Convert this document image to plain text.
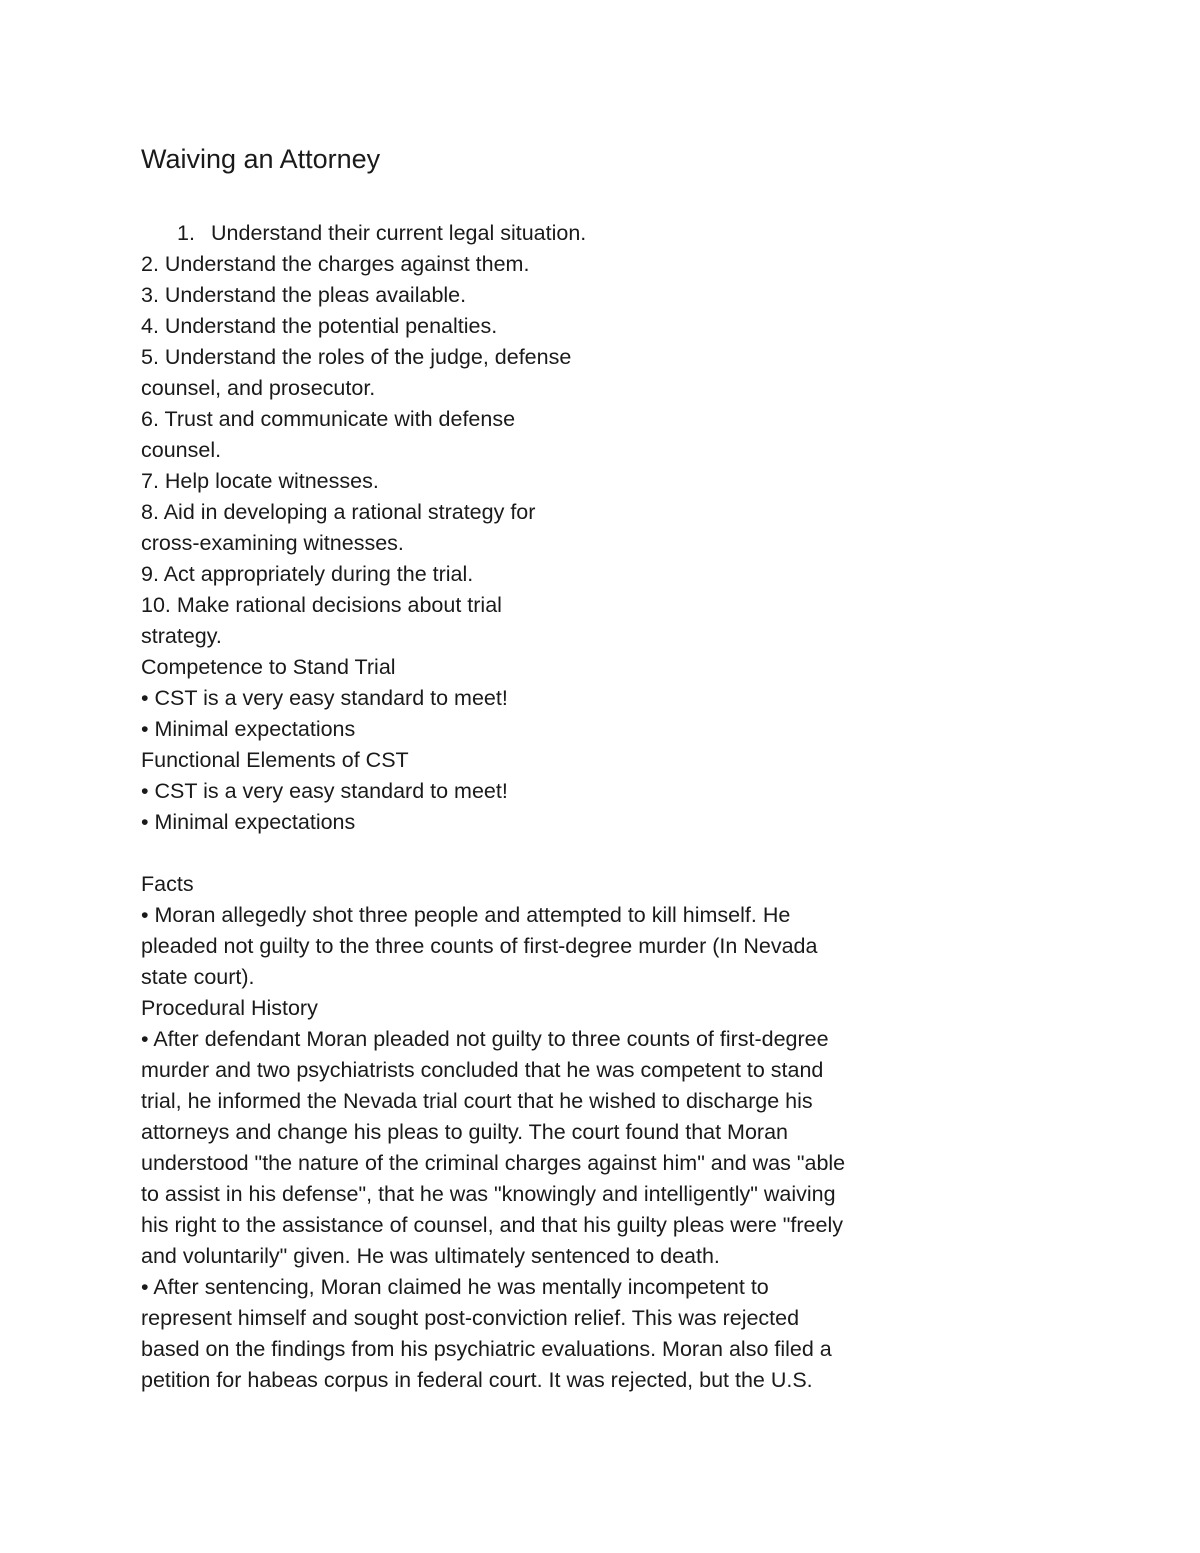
Waiving an Attorney
1. Understand their current legal situation.
2. Understand the charges against them.
3. Understand the pleas available.
4. Understand the potential penalties.
5. Understand the roles of the judge, defense
counsel, and prosecutor.
6. Trust and communicate with defense
counsel.
7. Help locate witnesses.
8. Aid in developing a rational strategy for
cross-examining witnesses.
9. Act appropriately during the trial.
10. Make rational decisions about trial
strategy.
Competence to Stand Trial
• CST is a very easy standard to meet!
• Minimal expectations
Functional Elements of CST
• CST is a very easy standard to meet!
• Minimal expectations
Facts
• Moran allegedly shot three people and attempted to kill himself. He
pleaded not guilty to the three counts of first-degree murder (In Nevada
state court).
Procedural History
• After defendant Moran pleaded not guilty to three counts of first-degree
murder and two psychiatrists concluded that he was competent to stand
trial, he informed the Nevada trial court that he wished to discharge his
attorneys and change his pleas to guilty. The court found that Moran
understood "the nature of the criminal charges against him" and was "able
to assist in his defense", that he was "knowingly and intelligently" waiving
his right to the assistance of counsel, and that his guilty pleas were "freely
and voluntarily" given. He was ultimately sentenced to death.
• After sentencing, Moran claimed he was mentally incompetent to
represent himself and sought post-conviction relief. This was rejected
based on the findings from his psychiatric evaluations. Moran also filed a
petition for habeas corpus in federal court. It was rejected, but the U.S.
